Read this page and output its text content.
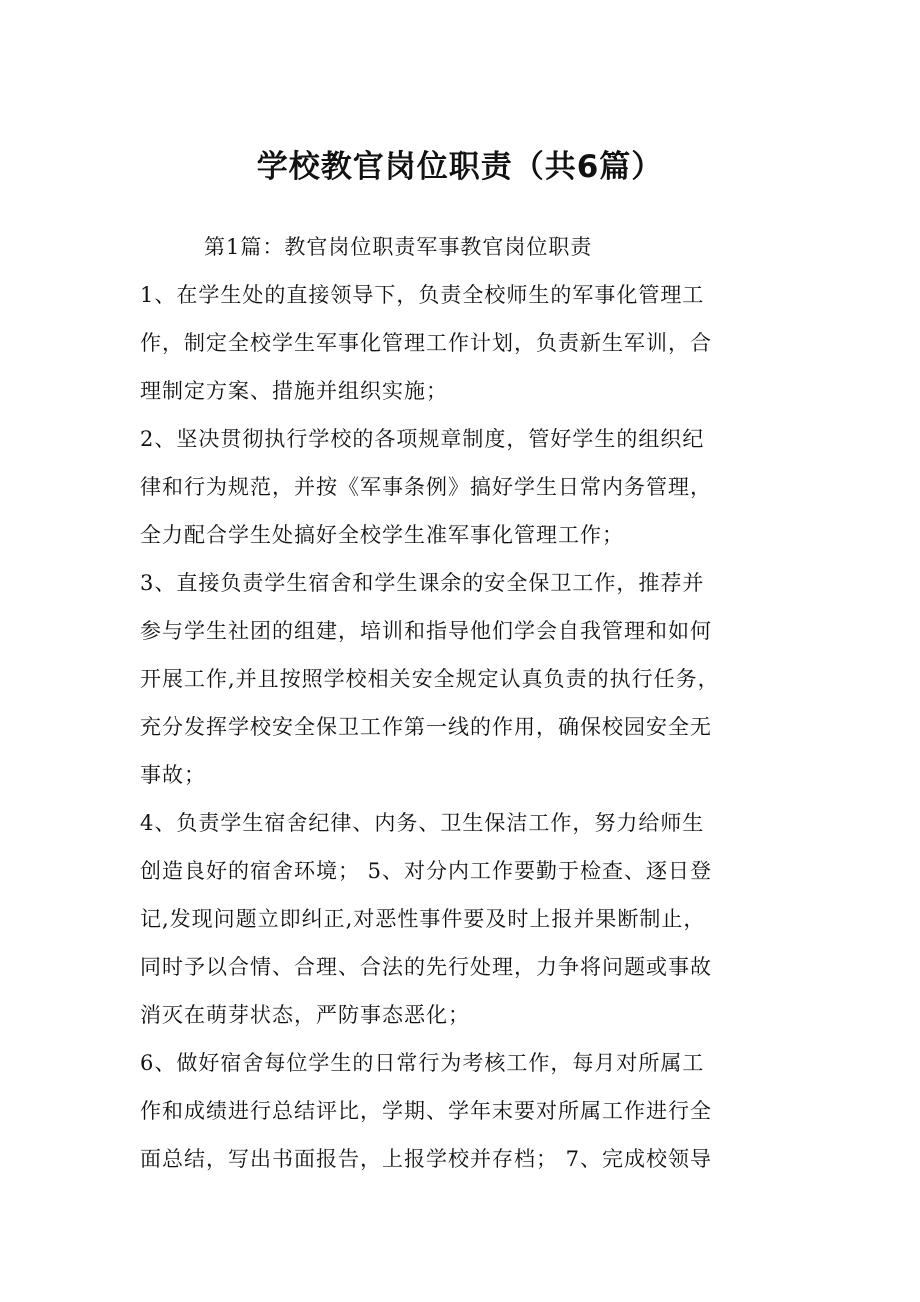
学校教官岗位职责（共6篇）

第1篇：教官岗位职责军事教官岗位职责

1、在学生处的直接领导下，负责全校师生的军事化管理工
作，制定全校学生军事化管理工作计划，负责新生军训，合
理制定方案、措施并组织实施；
2、坚决贯彻执行学校的各项规章制度，管好学生的组织纪
律和行为规范，并按《军事条例》搞好学生日常内务管理，
全力配合学生处搞好全校学生准军事化管理工作；
3、直接负责学生宿舍和学生课余的安全保卫工作，推荐并
参与学生社团的组建，培训和指导他们学会自我管理和如何
开展工作,并且按照学校相关安全规定认真负责的执行任务，
充分发挥学校安全保卫工作第一线的作用，确保校园安全无
事故；
4、负责学生宿舍纪律、内务、卫生保洁工作，努力给师生
创造良好的宿舍环境； 5、对分内工作要勤于检查、逐日登
记,发现问题立即纠正,对恶性事件要及时上报并果断制止，
同时予以合情、合理、合法的先行处理，力争将问题或事故
消灭在萌芽状态，严防事态恶化；
6、做好宿舍每位学生的日常行为考核工作，每月对所属工
作和成绩进行总结评比，学期、学年末要对所属工作进行全
面总结，写出书面报告，上报学校并存档； 7、完成校领导
